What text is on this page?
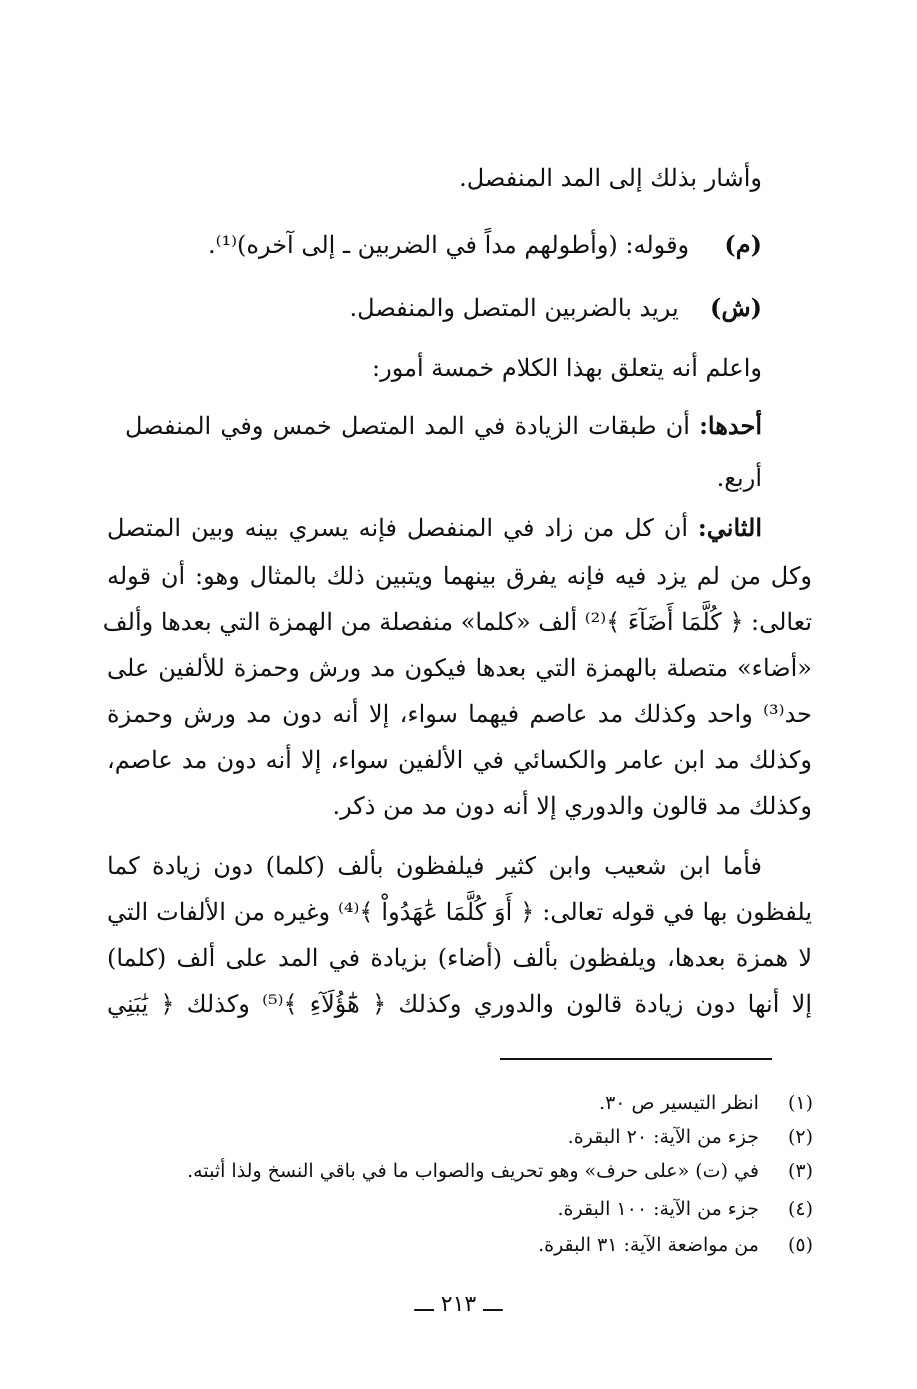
وأشار بذلك إلى المد المنفصل.
(م)  وقوله: (وأطولهم مداً في الضربين ـ إلى آخره)⁽¹⁾.
(ش)  يريد بالضربين المتصل والمنفصل.
واعلم أنه يتعلق بهذا الكلام خمسة أمور:
أحدها: أن طبقات الزيادة في المد المتصل خمس وفي المنفصل
أربع.
الثاني: أن كل من زاد في المنفصل فإنه يسري بينه وبين المتصل
وكل من لم يزد فيه فإنه يفرق بينهما ويتبين ذلك بالمثال وهو: أن قوله
تعالى: ﴿ كُلَّمَا أَضَآءَ ﴾⁽²⁾ ألف «كلما» منفصلة من الهمزة التي بعدها وألف
«أضاء» متصلة بالهمزة التي بعدها فيكون مد ورش وحمزة للألفين على
حد⁽³⁾ واحد وكذلك مد عاصم فيهما سواء، إلا أنه دون مد ورش وحمزة
وكذلك مد ابن عامر والكسائي في الألفين سواء، إلا أنه دون مد عاصم،
وكذلك مد قالون والدوري إلا أنه دون مد من ذكر.
فأما ابن شعيب وابن كثير فيلفظون بألف (كلما) دون زيادة كما
يلفظون بها في قوله تعالى: ﴿ أَوَ كُلَّمَا عَٰهَدُواْ ﴾⁽⁴⁾ وغيره من الألفات التي
لا همزة بعدها، ويلفظون بألف (أضاء) بزيادة في المد على ألف (كلما)
إلا أنها دون زيادة قالون والدوري وكذلك ﴿ هَٰٓؤُلَآءِ ﴾⁽⁵⁾ وكذلك ﴿ يَٰبَنِي
(١) انظر التيسير ص ٣٠.
(٢) جزء من الآية: ٢٠ البقرة.
(٣) في (ت) «على حرف» وهو تحريف والصواب ما في باقي النسخ ولذا أثبته.
(٤) جزء من الآية: ١٠٠ البقرة.
(٥) من مواضعة الآية: ٣١ البقرة.
ـــ ٢١٣ ـــ
